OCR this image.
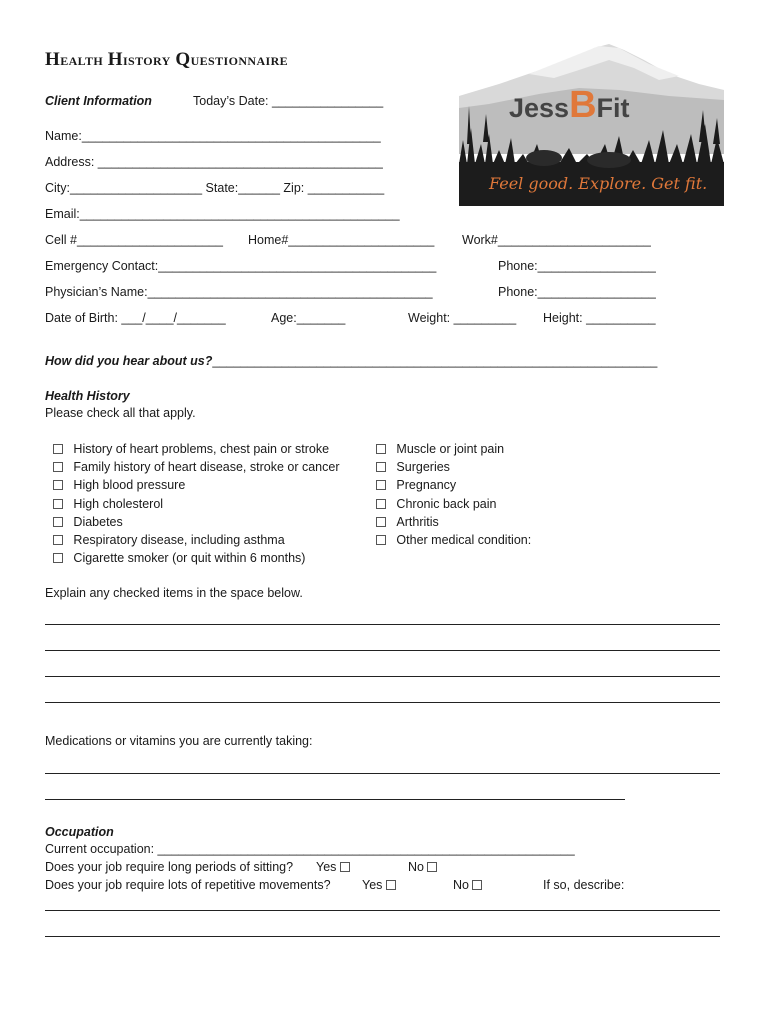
Health History Questionnaire
JessBFit
Feel good. Explore. Get fit.
Client Information	Today’s Date: ________________
Name:___________________________________________
Address: _________________________________________
City:___________________ State:______ Zip: ___________
Email:______________________________________________
Cell #_____________________ Home#_____________________ Work#______________________
Emergency Contact:________________________________________	Phone:_________________
Physician’s Name:_________________________________________	Phone:_________________
Date of Birth: ___/____/_______	Age:_______	Weight: _________ Height: __________
How did you hear about us?________________________________________________________________
Health History
Please check all that apply.
History of heart problems, chest pain or stroke
Family history of heart disease, stroke or cancer
High blood pressure
High cholesterol
Diabetes
Respiratory disease, including asthma
Cigarette smoker (or quit within 6 months)
Muscle or joint pain
Surgeries
Pregnancy
Chronic back pain
Arthritis
Other medical condition:
Explain any checked items in the space below.
Medications or vitamins you are currently taking:
Occupation
Current occupation: ____________________________________________________________
Does your job require long periods of sitting? Yes	No
Does your job require lots of repetitive movements?	Yes	No	If so, describe:
